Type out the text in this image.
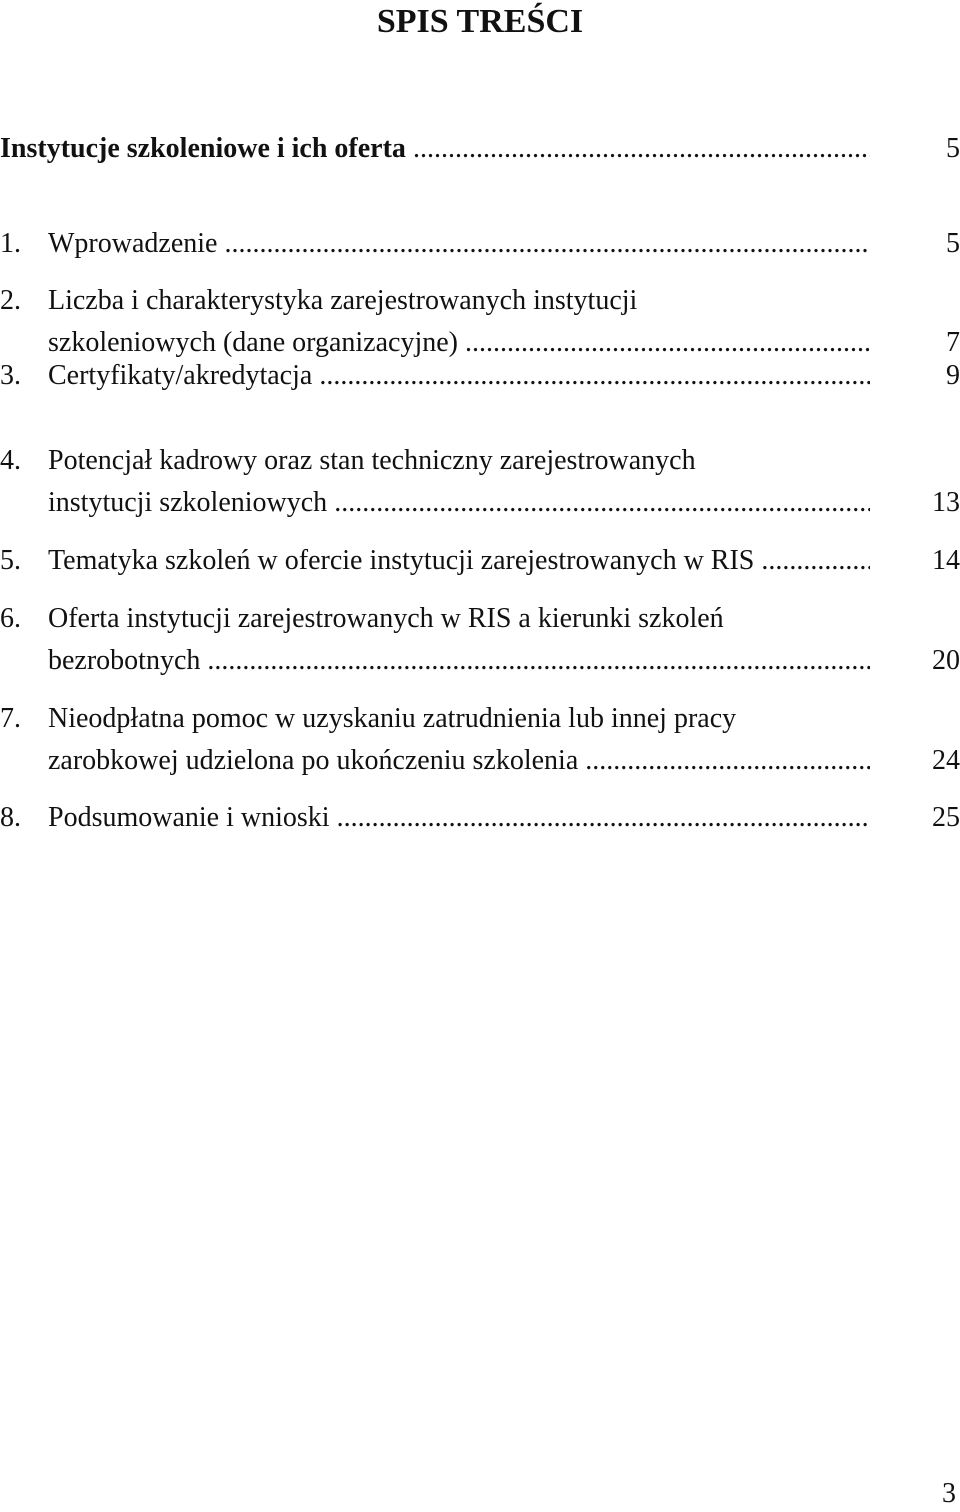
SPIS TREŚCI
Instytucje szkoleniowe i ich oferta .....	5
1. Wprowadzenie .....	5
2. Liczba i charakterystyka zarejestrowanych instytucji
szkoleniowych (dane organizacyjne) .....	7
3. Certyfikaty/akredytacja .....	9
4. Potencjał kadrowy oraz stan techniczny zarejestrowanych
instytucji szkoleniowych .....	13
5. Tematyka szkoleń w ofercie instytucji zarejestrowanych w RIS .....	14
6. Oferta instytucji zarejestrowanych w RIS a kierunki szkoleń
bezrobotnych .....	20
7. Nieodpłatna pomoc w uzyskaniu zatrudnienia lub innej pracy
zarobkowej udzielona po ukończeniu szkolenia .....	24
8. Podsumowanie i wnioski .....	25
3
